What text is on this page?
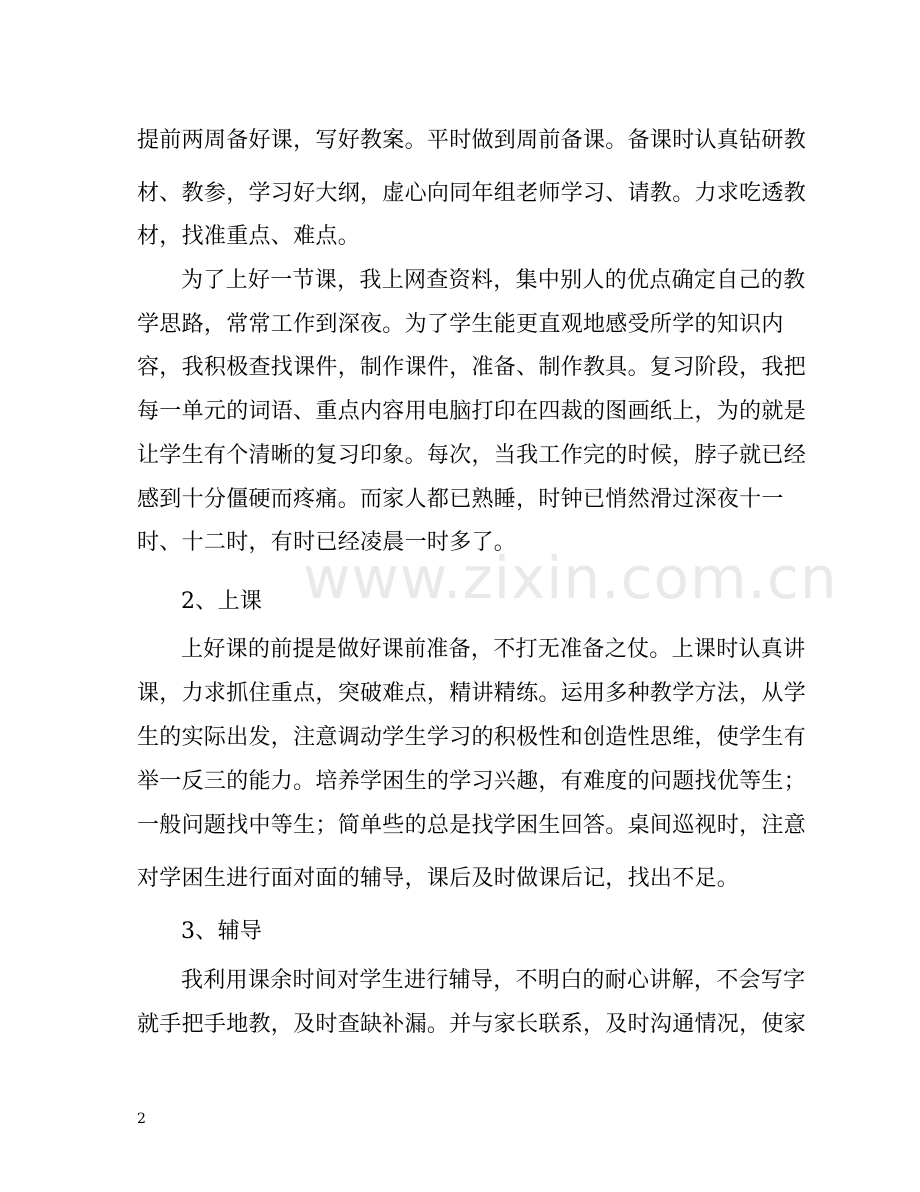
提前两周备好课，写好教案。平时做到周前备课。备课时认真钻研教
材、教参，学习好大纲，虚心向同年组老师学习、请教。力求吃透教
材，找准重点、难点。
为了上好一节课，我上网查资料，集中别人的优点确定自己的教
学思路，常常工作到深夜。为了学生能更直观地感受所学的知识内
容，我积极查找课件，制作课件，准备、制作教具。复习阶段，我把
每一单元的词语、重点内容用电脑打印在四裁的图画纸上，为的就是
让学生有个清晰的复习印象。每次，当我工作完的时候，脖子就已经
感到十分僵硬而疼痛。而家人都已熟睡，时钟已悄然滑过深夜十一
时、十二时，有时已经凌晨一时多了。
2、上课
上好课的前提是做好课前准备，不打无准备之仗。上课时认真讲
课，力求抓住重点，突破难点，精讲精练。运用多种教学方法，从学
生的实际出发，注意调动学生学习的积极性和创造性思维，使学生有
举一反三的能力。培养学困生的学习兴趣，有难度的问题找优等生；
一般问题找中等生；简单些的总是找学困生回答。桌间巡视时，注意
对学困生进行面对面的辅导，课后及时做课后记，找出不足。
3、辅导
我利用课余时间对学生进行辅导，不明白的耐心讲解，不会写字
就手把手地教，及时查缺补漏。并与家长联系，及时沟通情况，使家
www.zixin.com.cn
2
